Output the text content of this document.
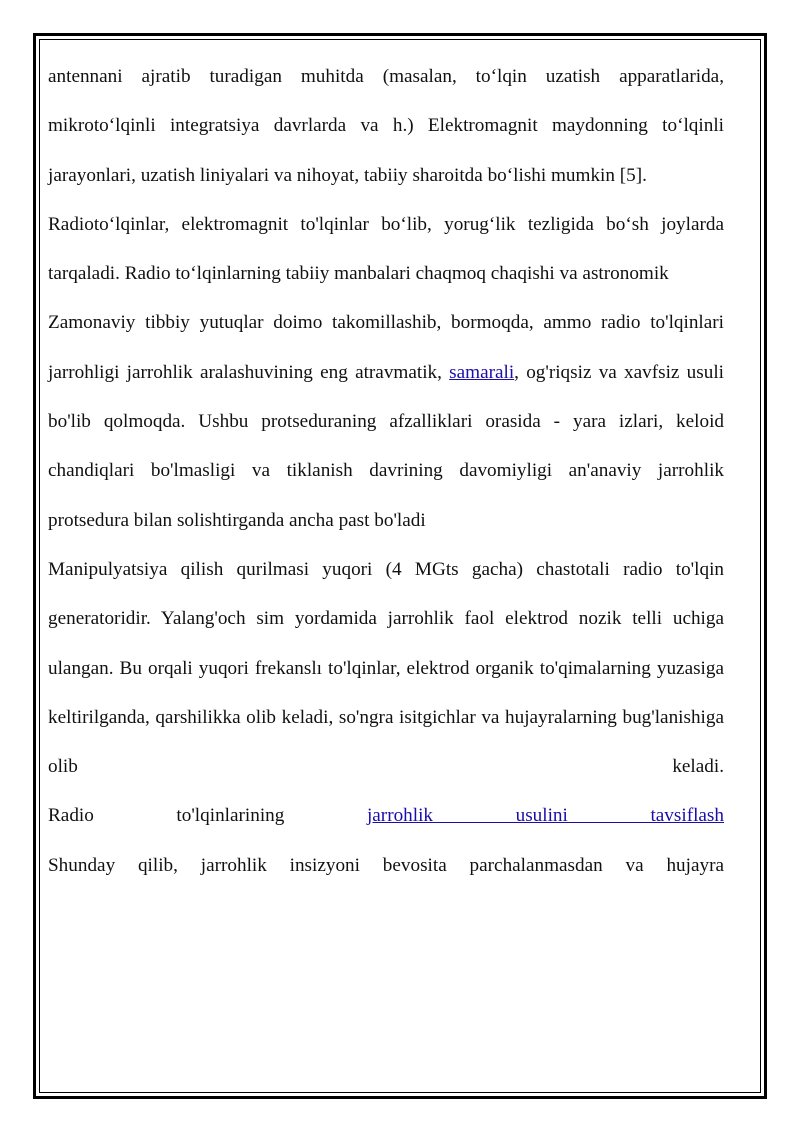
antennani ajratib turadigan muhitda (masalan, to‘lqin uzatish apparatlarida, mikroto‘lqinli integratsiya davrlarda va h.) Elektromagnit maydonning to‘lqinli jarayonlari, uzatish liniyalari va nihoyat, tabiiy sharoitda bo‘lishi mumkin [5].

Radioto‘lqinlar, elektromagnit to'lqinlar bo‘lib, yorug‘lik tezligida bo‘sh joylarda tarqaladi. Radio to‘lqinlarning tabiiy manbalari chaqmoq chaqishi va astronomik

Zamonaviy tibbiy yutuqlar doimo takomillashib, bormoqda, ammo radio to'lqinlari jarrohligi jarrohlik aralashuvining eng atravmatik, samarali, og'riqsiz va xavfsiz usuli bo'lib qolmoqda. Ushbu protseduraning afzalliklari orasida - yara izlari, keloid chandiqlari bo'lmasligi va tiklanish davrining davomiyligi an'anaviy jarrohlik protsedura bilan solishtirganda ancha past bo'ladi

Manipulyatsiya qilish qurilmasi yuqori (4 MGts gacha) chastotali radio to'lqin generatoridir. Yalang'och sim yordamida jarrohlik faol elektrod nozik telli uchiga ulangan. Bu orqali yuqori frekanslı to'lqinlar, elektrod organik to'qimalarning yuzasiga keltirilganda, qarshilikka olib keladi, so'ngra isitgichlar va hujayralarning bug'lanishiga olib keladi.

Radio to'lqinlarining jarrohlik usulini tavsiflash

Shunday qilib, jarrohlik insizyoni bevosita parchalanmasdan va hujayra
